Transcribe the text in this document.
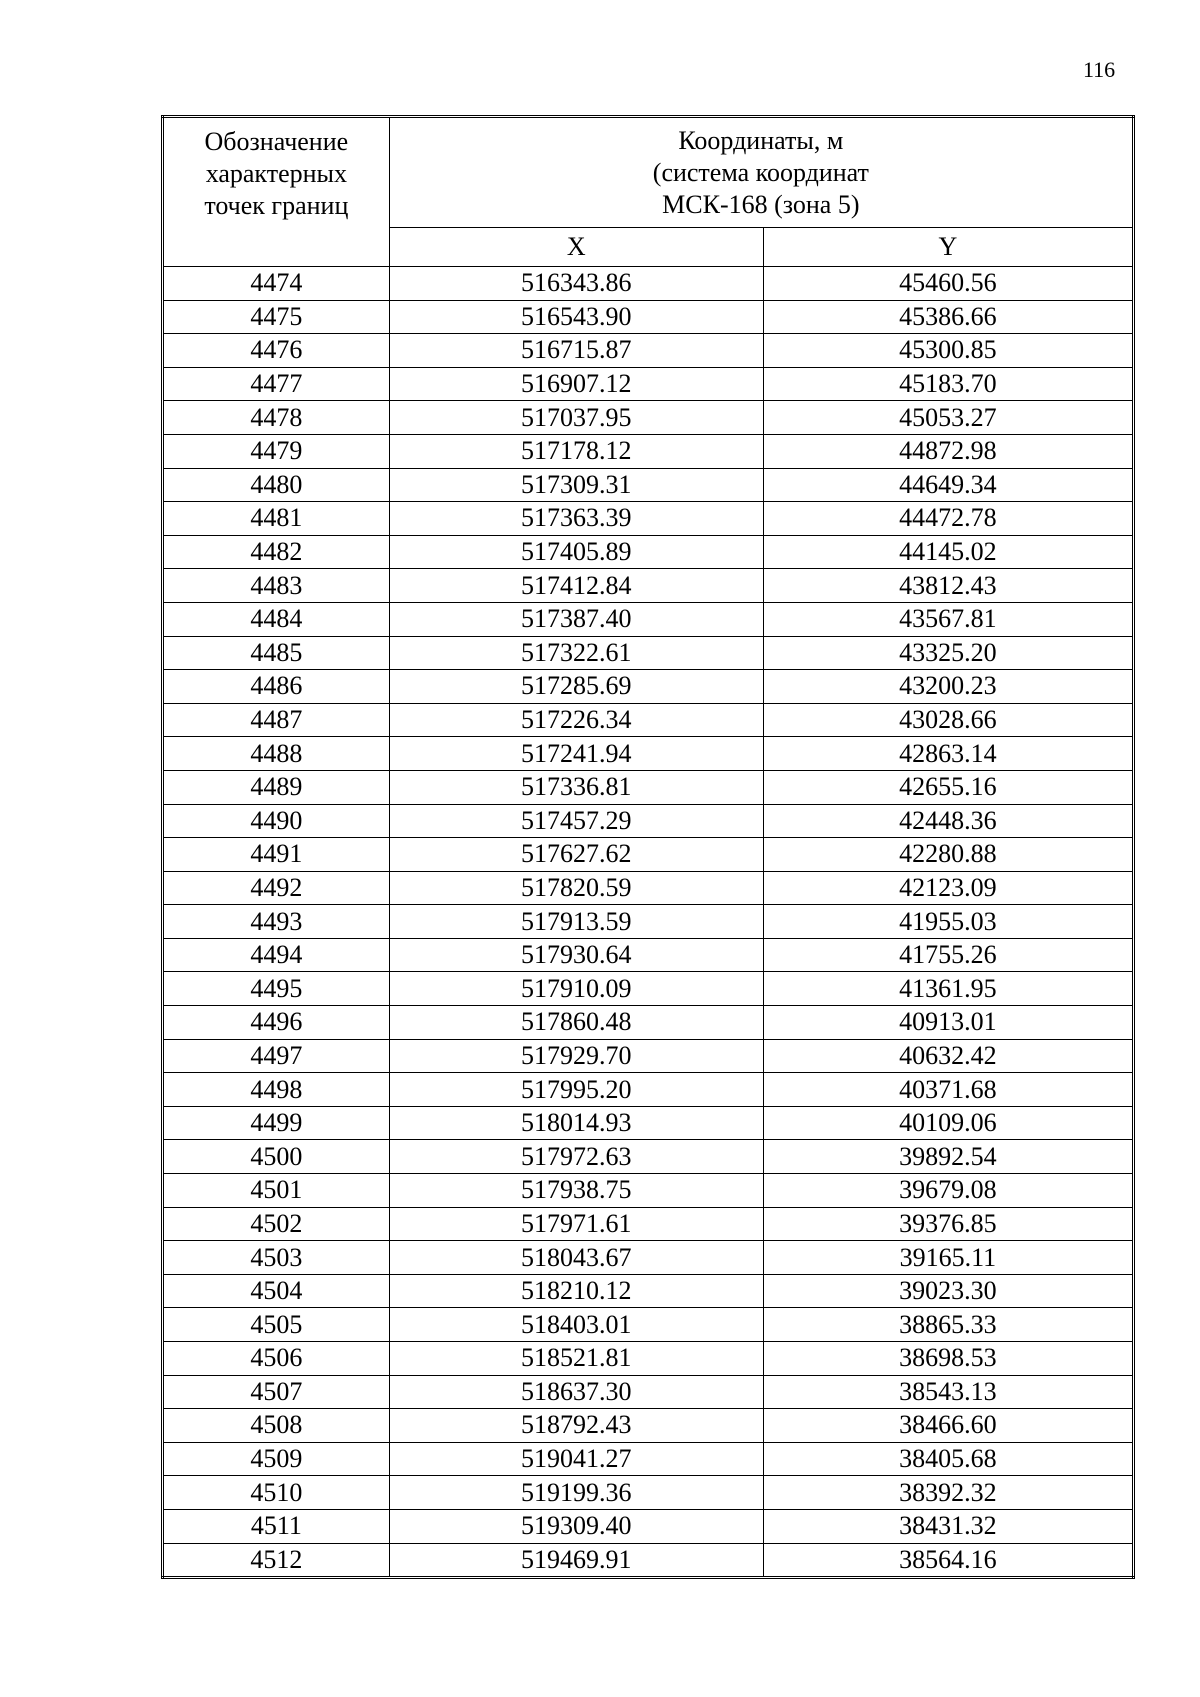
116
Обозначение
характерных
точек границ	Координаты, м
(система координат
МСК-168 (зона 5)	

	X	Y
4474	516343.86	45460.56
4475	516543.90	45386.66
4476	516715.87	45300.85
4477	516907.12	45183.70
4478	517037.95	45053.27
4479	517178.12	44872.98
4480	517309.31	44649.34
4481	517363.39	44472.78
4482	517405.89	44145.02
4483	517412.84	43812.43
4484	517387.40	43567.81
4485	517322.61	43325.20
4486	517285.69	43200.23
4487	517226.34	43028.66
4488	517241.94	42863.14
4489	517336.81	42655.16
4490	517457.29	42448.36
4491	517627.62	42280.88
4492	517820.59	42123.09
4493	517913.59	41955.03
4494	517930.64	41755.26
4495	517910.09	41361.95
4496	517860.48	40913.01
4497	517929.70	40632.42
4498	517995.20	40371.68
4499	518014.93	40109.06
4500	517972.63	39892.54
4501	517938.75	39679.08
4502	517971.61	39376.85
4503	518043.67	39165.11
4504	518210.12	39023.30
4505	518403.01	38865.33
4506	518521.81	38698.53
4507	518637.30	38543.13
4508	518792.43	38466.60
4509	519041.27	38405.68
4510	519199.36	38392.32
4511	519309.40	38431.32
4512	519469.91	38564.16
